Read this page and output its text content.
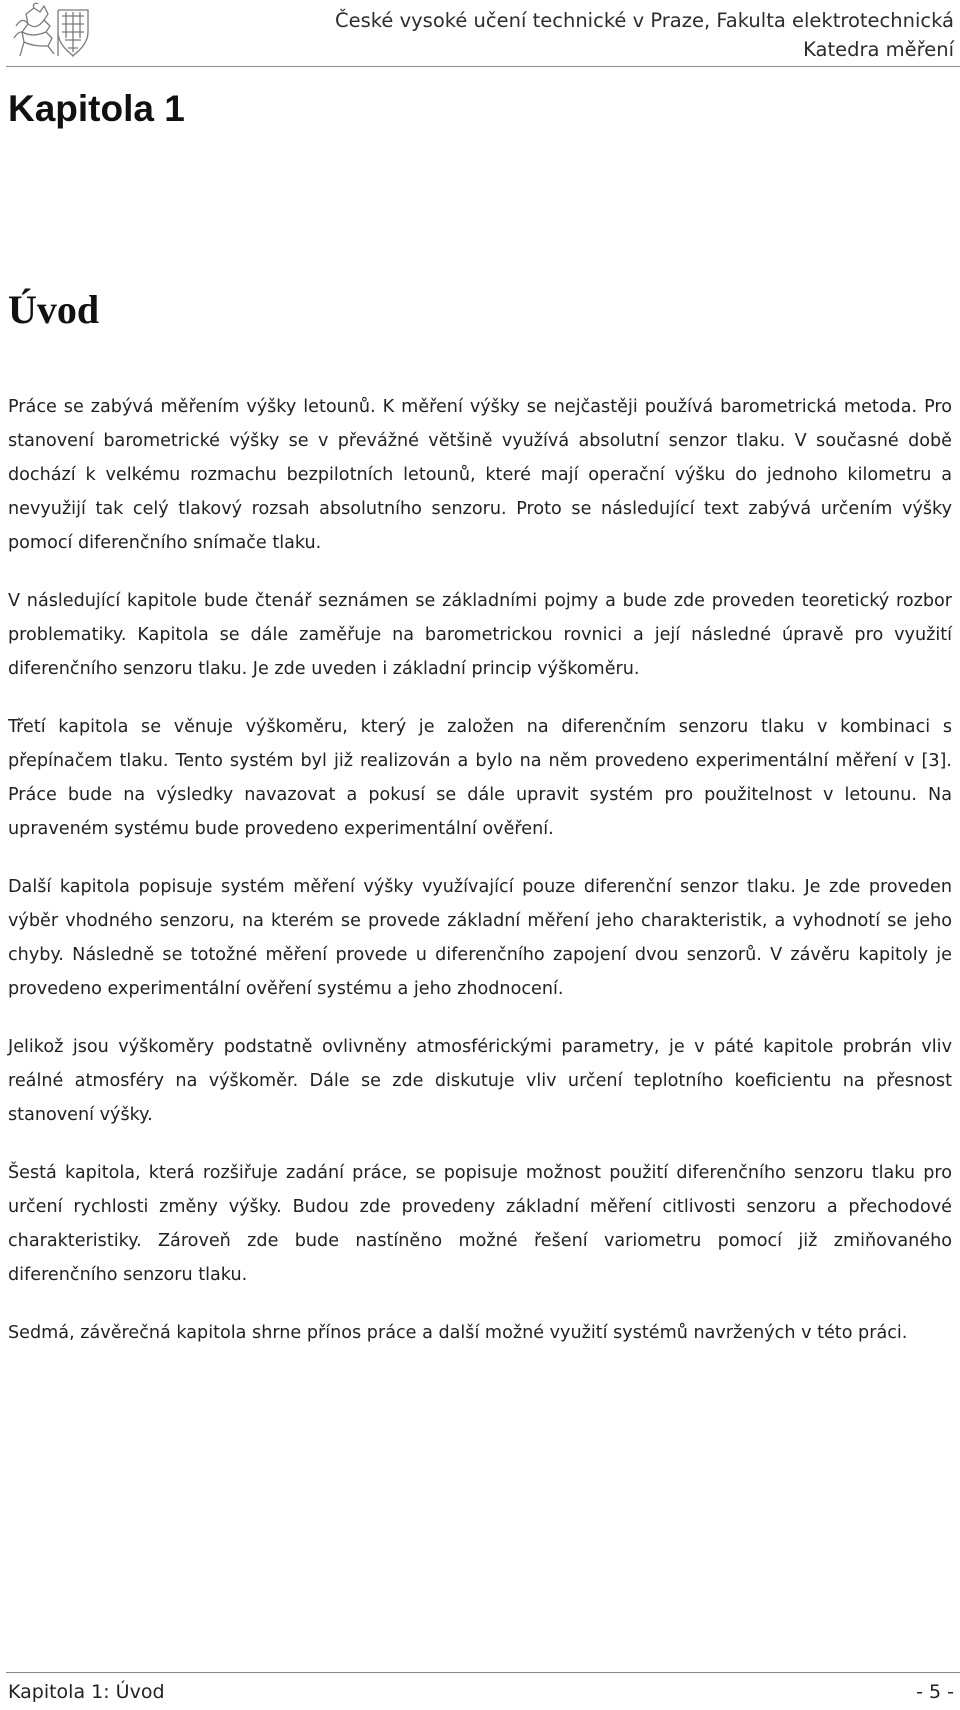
České vysoké učení technické v Praze, Fakulta elektrotechnická
Katedra měření
Kapitola 1
Úvod

Práce se zabývá měřením výšky letounů. K měření výšky se nejčastěji používá barometrická metoda. Pro stanovení barometrické výšky se v převážné většině využívá absolutní senzor tlaku. V současné době dochází k velkému rozmachu bezpilotních letounů, které mají operační výšku do jednoho kilometru a nevyužijí tak celý tlakový rozsah absolutního senzoru. Proto se následující text zabývá určením výšky pomocí diferenčního snímače tlaku.

V následující kapitole bude čtenář seznámen se základními pojmy a bude zde proveden teoretický rozbor problematiky. Kapitola se dále zaměřuje na barometrickou rovnici a její následné úpravě pro využití diferenčního senzoru tlaku. Je zde uveden i základní princip výškoměru.

Třetí kapitola se věnuje výškoměru, který je založen na diferenčním senzoru tlaku v kombinaci s přepínačem tlaku. Tento systém byl již realizován a bylo na něm provedeno experimentální měření v [3]. Práce bude na výsledky navazovat a pokusí se dále upravit systém pro použitelnost v letounu. Na upraveném systému bude provedeno experimentální ověření.

Další kapitola popisuje systém měření výšky využívající pouze diferenční senzor tlaku. Je zde proveden výběr vhodného senzoru, na kterém se provede základní měření jeho charakteristik, a vyhodnotí se jeho chyby. Následně se totožné měření provede u diferenčního zapojení dvou senzorů. V závěru kapitoly je provedeno experimentální ověření systému a jeho zhodnocení.

Jelikož jsou výškoměry podstatně ovlivněny atmosférickými parametry, je v páté kapitole probrán vliv reálné atmosféry na výškoměr. Dále se zde diskutuje vliv určení teplotního koeficientu na přesnost stanovení výšky.

Šestá kapitola, která rozšiřuje zadání práce, se popisuje možnost použití diferenčního senzoru tlaku pro určení rychlosti změny výšky. Budou zde provedeny základní měření citlivosti senzoru a přechodové charakteristiky. Zároveň zde bude nastíněno možné řešení variometru pomocí již zmiňovaného diferenčního senzoru tlaku.

Sedmá, závěrečná kapitola shrne přínos práce a další možné využití systémů navržených v této práci.

Kapitola 1: Úvod	- 5 -
